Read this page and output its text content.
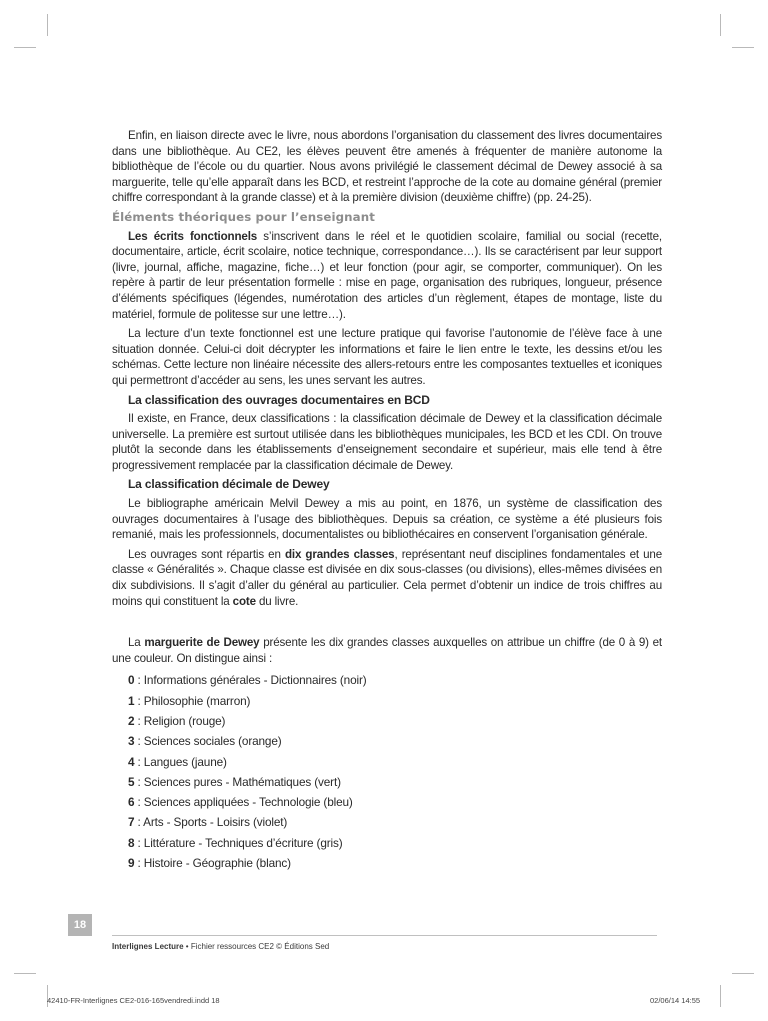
Enfin, en liaison directe avec le livre, nous abordons l’organisation du classement des livres documentaires dans une bibliothèque. Au CE2, les élèves peuvent être amenés à fréquenter de manière autonome la bibliothèque de l’école ou du quartier. Nous avons privilégié le classement décimal de Dewey associé à sa marguerite, telle qu’elle apparaît dans les BCD, et restreint l’approche de la cote au domaine général (premier chiffre correspondant à la grande classe) et à la première division (deuxième chiffre) (pp. 24-25).

Éléments théoriques pour l’enseignant

Les écrits fonctionnels s’inscrivent dans le réel et le quotidien scolaire, familial ou social (recette, documentaire, article, écrit scolaire, notice technique, correspondance…). Ils se caractérisent par leur support (livre, journal, affiche, magazine, fiche…) et leur fonction (pour agir, se comporter, communiquer). On les repère à partir de leur présentation formelle : mise en page, organisation des rubriques, longueur, présence d’éléments spécifiques (légendes, numérotation des articles d’un règlement, étapes de montage, liste du matériel, formule de politesse sur une lettre…).

La lecture d’un texte fonctionnel est une lecture pratique qui favorise l’autonomie de l’élève face à une situation donnée. Celui-ci doit décrypter les informations et faire le lien entre le texte, les dessins et/ou les schémas. Cette lecture non linéaire nécessite des allers-retours entre les composantes textuelles et iconiques qui permettront d’accéder au sens, les unes servant les autres.

La classification des ouvrages documentaires en BCD

Il existe, en France, deux classifications : la classification décimale de Dewey et la classification décimale universelle. La première est surtout utilisée dans les bibliothèques municipales, les BCD et les CDI. On trouve plutôt la seconde dans les établissements d’enseignement secondaire et supérieur, mais elle tend à être progressivement remplacée par la classification décimale de Dewey.

La classification décimale de Dewey

Le bibliographe américain Melvil Dewey a mis au point, en 1876, un système de classification des ouvrages documentaires à l’usage des bibliothèques. Depuis sa création, ce système a été plusieurs fois remanié, mais les professionnels, documentalistes ou bibliothécaires en conservent l’organisation générale.

Les ouvrages sont répartis en dix grandes classes, représentant neuf disciplines fondamentales et une classe « Généralités ». Chaque classe est divisée en dix sous-classes (ou divisions), elles-mêmes divisées en dix subdivisions. Il s’agit d’aller du général au particulier. Cela permet d’obtenir un indice de trois chiffres au moins qui constituent la cote du livre.

La marguerite de Dewey présente les dix grandes classes auxquelles on attribue un chiffre (de 0 à 9) et une couleur. On distingue ainsi :

0 : Informations générales - Dictionnaires (noir)
1 : Philosophie (marron)
2 : Religion (rouge)
3 : Sciences sociales (orange)
4 : Langues (jaune)
5 : Sciences pures - Mathématiques (vert)
6 : Sciences appliquées - Technologie (bleu)
7 : Arts - Sports - Loisirs (violet)
8 : Littérature - Techniques d’écriture (gris)
9 : Histoire - Géographie (blanc)
18
Interlignes Lecture • Fichier ressources CE2 © Éditions Sed
42410-FR-Interlignes CE2-016-165vendredi.indd 18	02/06/14 14:55
